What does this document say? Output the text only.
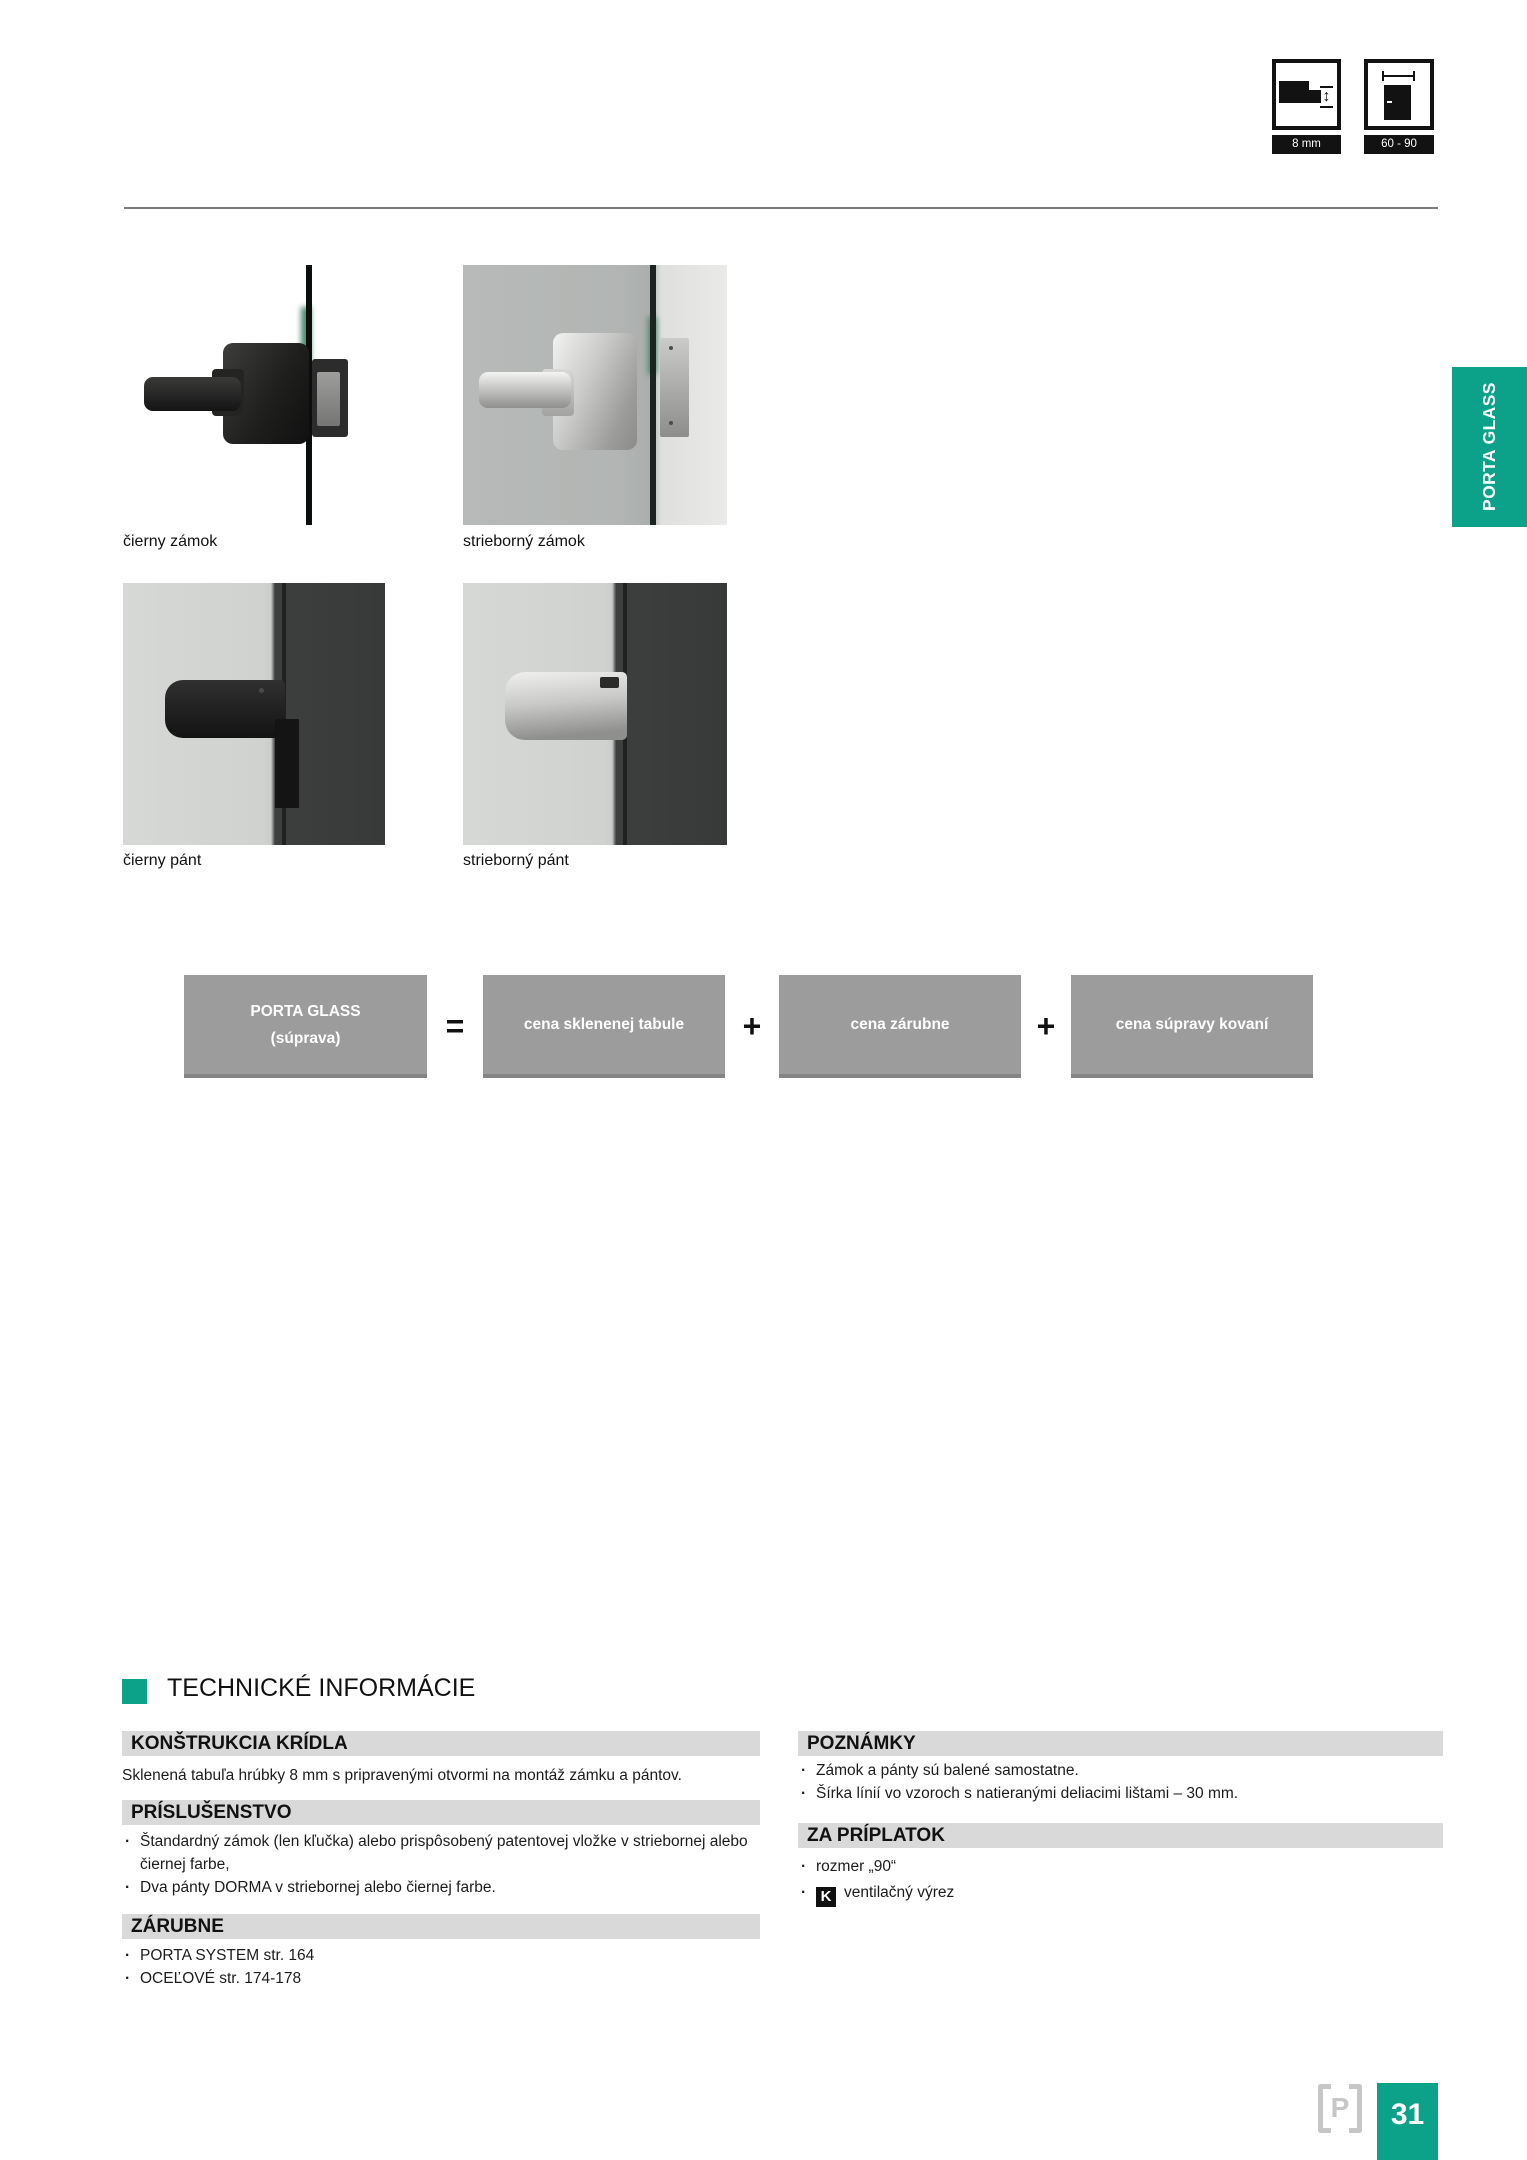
↕
8 mm	60 - 90
čierny zámok	strieborný zámok
čierny pánt	strieborný pánt
PORTA GLASS
(súprava)	=	cena sklenenej tabule	+	cena zárubne	+	cena súpravy kovaní
PORTA GLASS
TECHNICKÉ INFORMÁCIE
KONŠTRUKCIA KRÍDLA
Sklenená tabuľa hrúbky 8 mm s pripravenými otvormi na montáž zámku a pántov.
PRÍSLUŠENSTVO
· Štandardný zámok (len kľučka) alebo prispôsobený patentovej vložke v striebornej alebo čiernej farbe,
· Dva pánty DORMA v striebornej alebo čiernej farbe.
ZÁRUBNE
· PORTA SYSTEM str. 164
· OCEĽOVÉ str. 174-178
POZNÁMKY
· Zámok a pánty sú balené samostatne.
· Šírka línií vo vzoroch s natieranými deliacimi lištami – 30 mm.
ZA PRÍPLATOK
· rozmer „90“
· K ventilačný výrez
P	31
